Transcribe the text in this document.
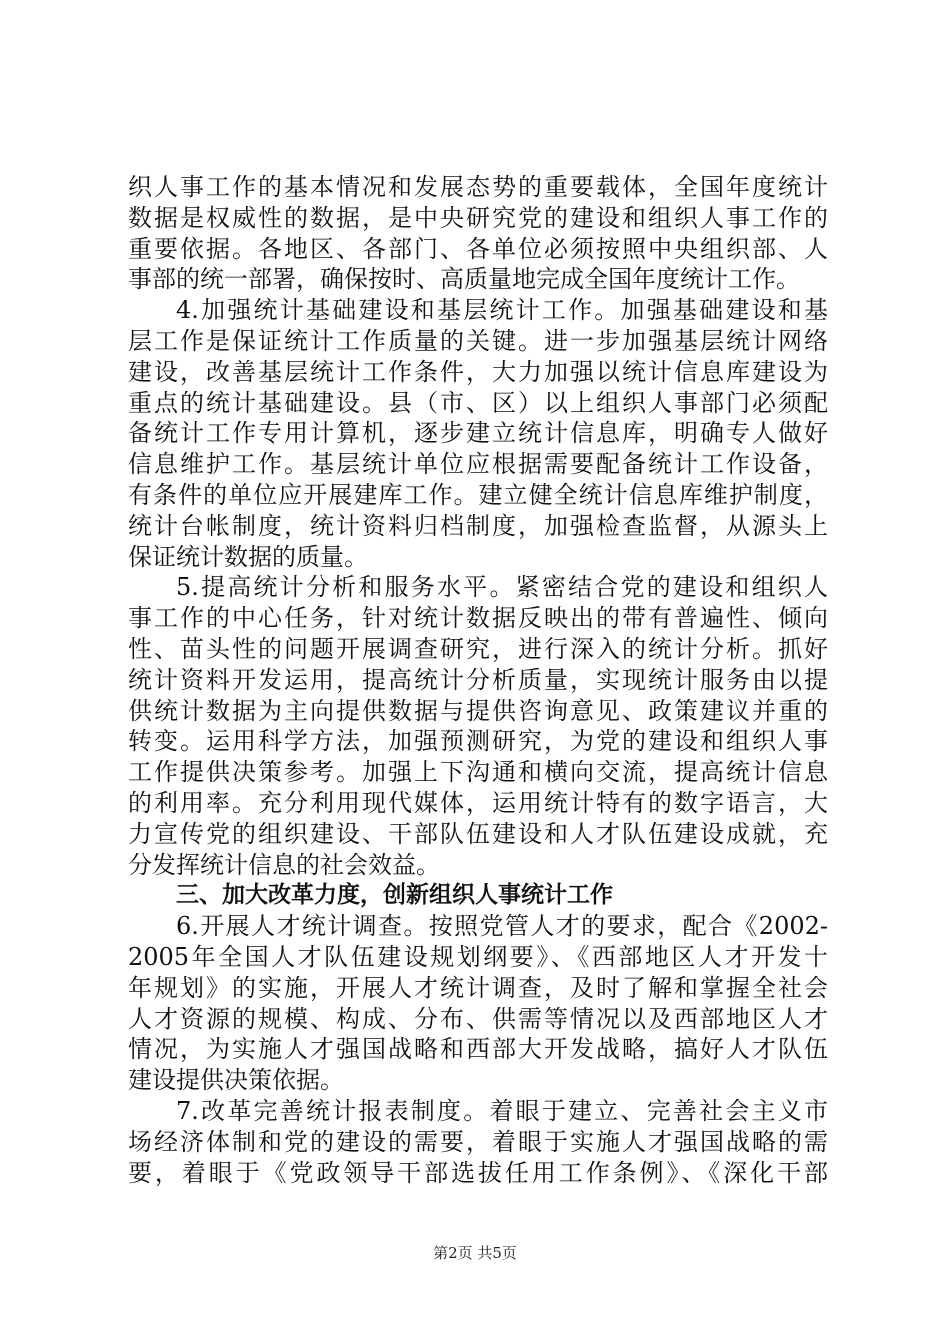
织人事工作的基本情况和发展态势的重要载体，全国年度统计
数据是权威性的数据，是中央研究党的建设和组织人事工作的
重要依据。各地区、各部门、各单位必须按照中央组织部、人
事部的统一部署，确保按时、高质量地完成全国年度统计工作。
4.加强统计基础建设和基层统计工作。加强基础建设和基
层工作是保证统计工作质量的关键。进一步加强基层统计网络
建设，改善基层统计工作条件，大力加强以统计信息库建设为
重点的统计基础建设。县（市、区）以上组织人事部门必须配
备统计工作专用计算机，逐步建立统计信息库，明确专人做好
信息维护工作。基层统计单位应根据需要配备统计工作设备，
有条件的单位应开展建库工作。建立健全统计信息库维护制度，
统计台帐制度，统计资料归档制度，加强检查监督，从源头上
保证统计数据的质量。
5.提高统计分析和服务水平。紧密结合党的建设和组织人
事工作的中心任务，针对统计数据反映出的带有普遍性、倾向
性、苗头性的问题开展调查研究，进行深入的统计分析。抓好
统计资料开发运用，提高统计分析质量，实现统计服务由以提
供统计数据为主向提供数据与提供咨询意见、政策建议并重的
转变。运用科学方法，加强预测研究，为党的建设和组织人事
工作提供决策参考。加强上下沟通和横向交流，提高统计信息
的利用率。充分利用现代媒体，运用统计特有的数字语言，大
力宣传党的组织建设、干部队伍建设和人才队伍建设成就，充
分发挥统计信息的社会效益。
三、加大改革力度，创新组织人事统计工作
6.开展人才统计调查。按照党管人才的要求，配合《2002-
2005年全国人才队伍建设规划纲要》、《西部地区人才开发十
年规划》的实施，开展人才统计调查，及时了解和掌握全社会
人才资源的规模、构成、分布、供需等情况以及西部地区人才
情况，为实施人才强国战略和西部大开发战略，搞好人才队伍
建设提供决策依据。
7.改革完善统计报表制度。着眼于建立、完善社会主义市
场经济体制和党的建设的需要，着眼于实施人才强国战略的需
要，着眼于《党政领导干部选拔任用工作条例》、《深化干部
第2页 共5页
